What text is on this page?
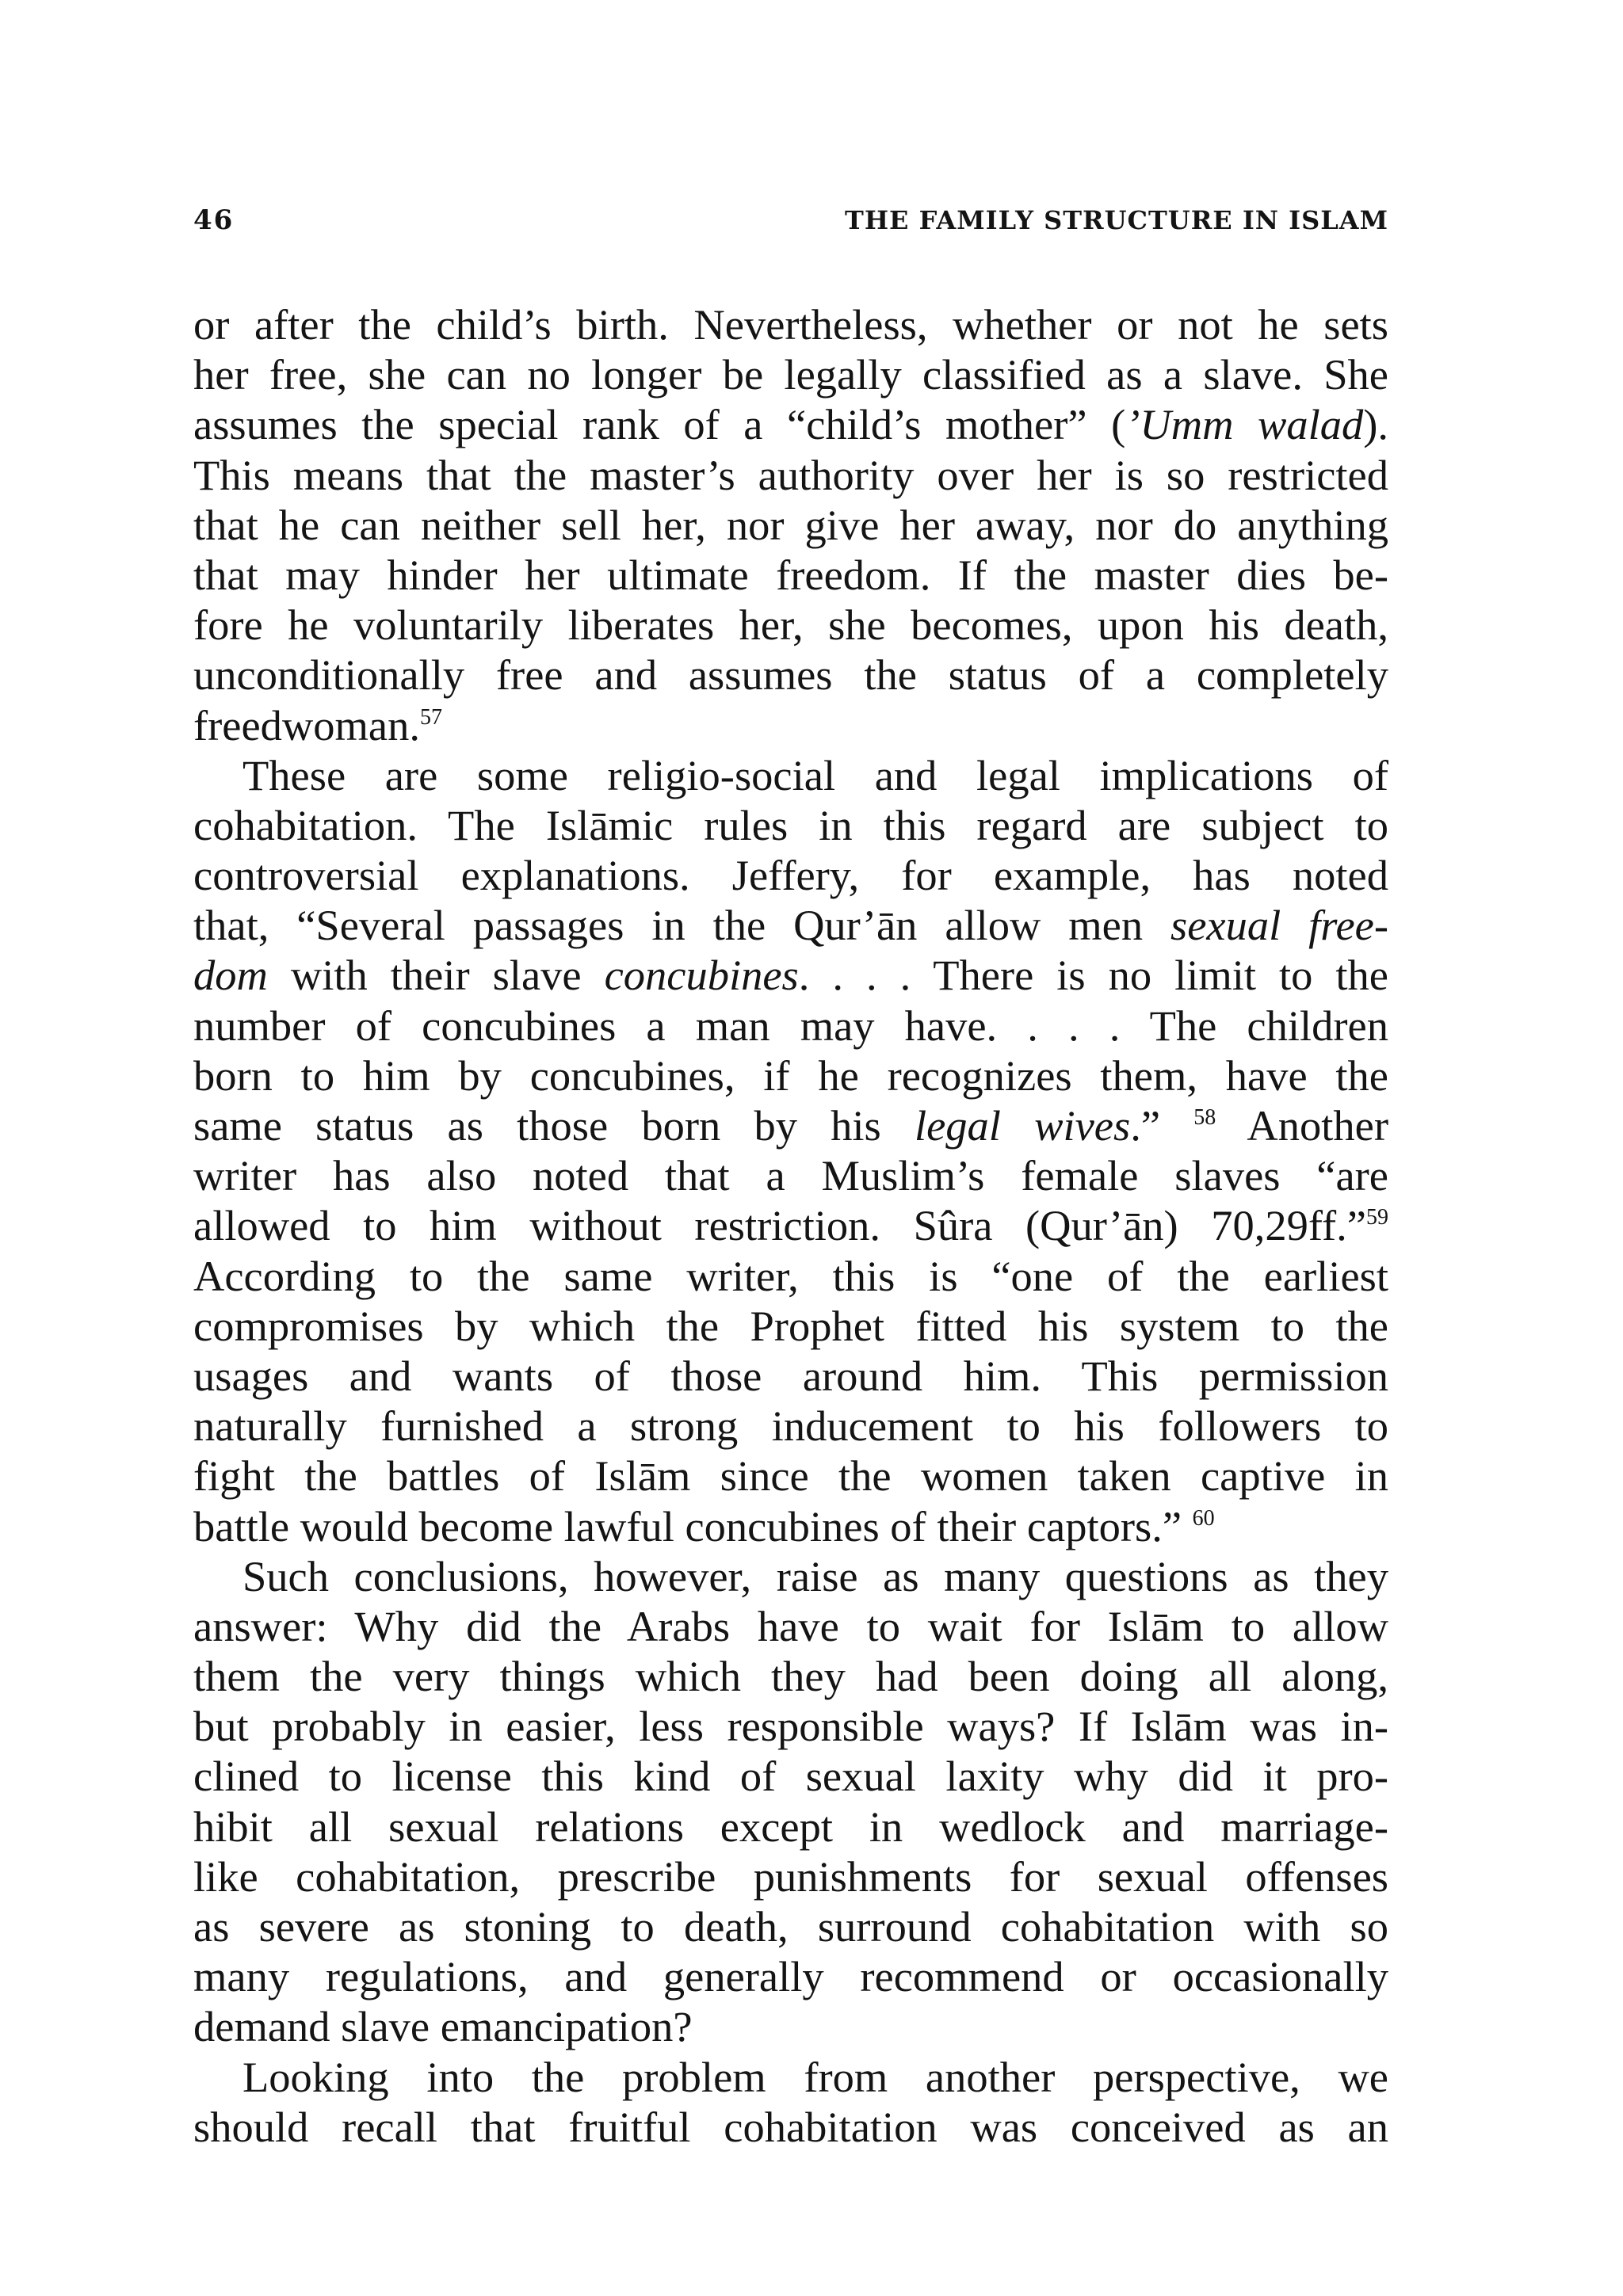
46	THE FAMILY STRUCTURE IN ISLAM
or after the child’s birth. Nevertheless, whether or not he sets
her free, she can no longer be legally classified as a slave. She
assumes the special rank of a “child’s mother” (’Umm walad).
This means that the master’s authority over her is so restricted
that he can neither sell her, nor give her away, nor do anything
that may hinder her ultimate freedom. If the master dies be-
fore he voluntarily liberates her, she becomes, upon his death,
unconditionally free and assumes the status of a completely
freedwoman.$^{57}$
These are some religio-social and legal implications of
cohabitation. The Islāmic rules in this regard are subject to
controversial explanations. Jeffery, for example, has noted
that, “Several passages in the Qur’ān allow men sexual free-
dom with their slave concubines. . . . There is no limit to the
number of concubines a man may have. . . . The children
born to him by concubines, if he recognizes them, have the
same status as those born by his legal wives.” $^{58}$ Another
writer has also noted that a Muslim’s female slaves “are
allowed to him without restriction. Sûra (Qur’ān) 70,29ff.”$^{59}$
According to the same writer, this is “one of the earliest
compromises by which the Prophet fitted his system to the
usages and wants of those around him. This permission
naturally furnished a strong inducement to his followers to
fight the battles of Islām since the women taken captive in
battle would become lawful concubines of their captors.” $^{60}$
Such conclusions, however, raise as many questions as they
answer: Why did the Arabs have to wait for Islām to allow
them the very things which they had been doing all along,
but probably in easier, less responsible ways? If Islām was in-
clined to license this kind of sexual laxity why did it pro-
hibit all sexual relations except in wedlock and marriage-
like cohabitation, prescribe punishments for sexual offenses
as severe as stoning to death, surround cohabitation with so
many regulations, and generally recommend or occasionally
demand slave emancipation?
Looking into the problem from another perspective, we
should recall that fruitful cohabitation was conceived as an
